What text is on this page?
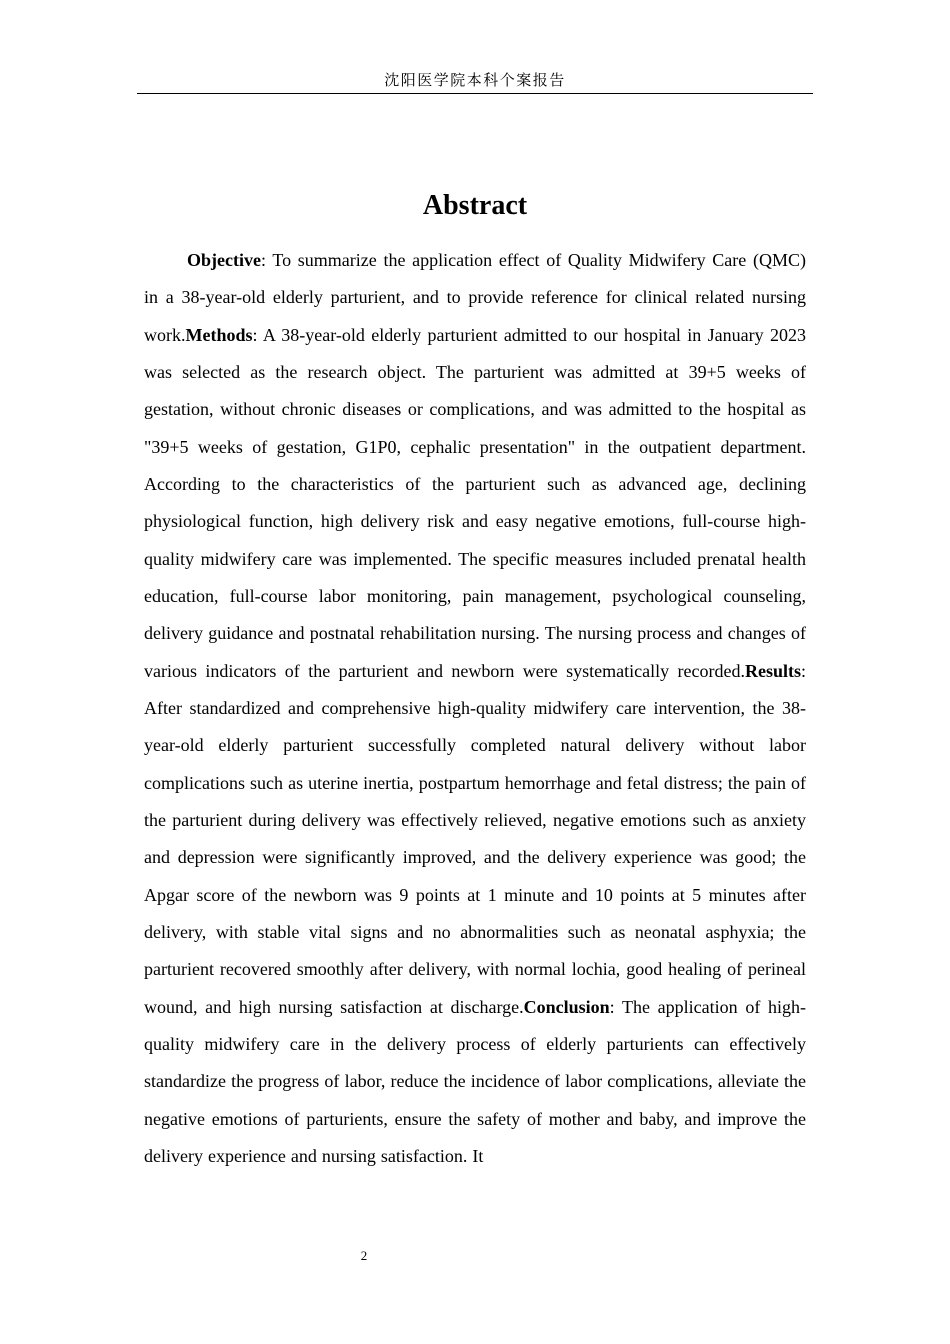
沈阳医学院本科个案报告
Abstract

Objective: To summarize the application effect of Quality Midwifery Care (QMC) in a 38-year-old elderly parturient, and to provide reference for clinical related nursing work.Methods: A 38-year-old elderly parturient admitted to our hospital in January 2023 was selected as the research object. The parturient was admitted at 39+5 weeks of gestation, without chronic diseases or complications, and was admitted to the hospital as "39+5 weeks of gestation, G1P0, cephalic presentation" in the outpatient department. According to the characteristics of the parturient such as advanced age, declining physiological function, high delivery risk and easy negative emotions, full-course high-quality midwifery care was implemented. The specific measures included prenatal health education, full-course labor monitoring, pain management, psychological counseling, delivery guidance and postnatal rehabilitation nursing. The nursing process and changes of various indicators of the parturient and newborn were systematically recorded.Results: After standardized and comprehensive high-quality midwifery care intervention, the 38-year-old elderly parturient successfully completed natural delivery without labor complications such as uterine inertia, postpartum hemorrhage and fetal distress; the pain of the parturient during delivery was effectively relieved, negative emotions such as anxiety and depression were significantly improved, and the delivery experience was good; the Apgar score of the newborn was 9 points at 1 minute and 10 points at 5 minutes after delivery, with stable vital signs and no abnormalities such as neonatal asphyxia; the parturient recovered smoothly after delivery, with normal lochia, good healing of perineal wound, and high nursing satisfaction at discharge.Conclusion: The application of high-quality midwifery care in the delivery process of elderly parturients can effectively standardize the progress of labor, reduce the incidence of labor complications, alleviate the negative emotions of parturients, ensure the safety of mother and baby, and improve the delivery experience and nursing satisfaction. It

2
